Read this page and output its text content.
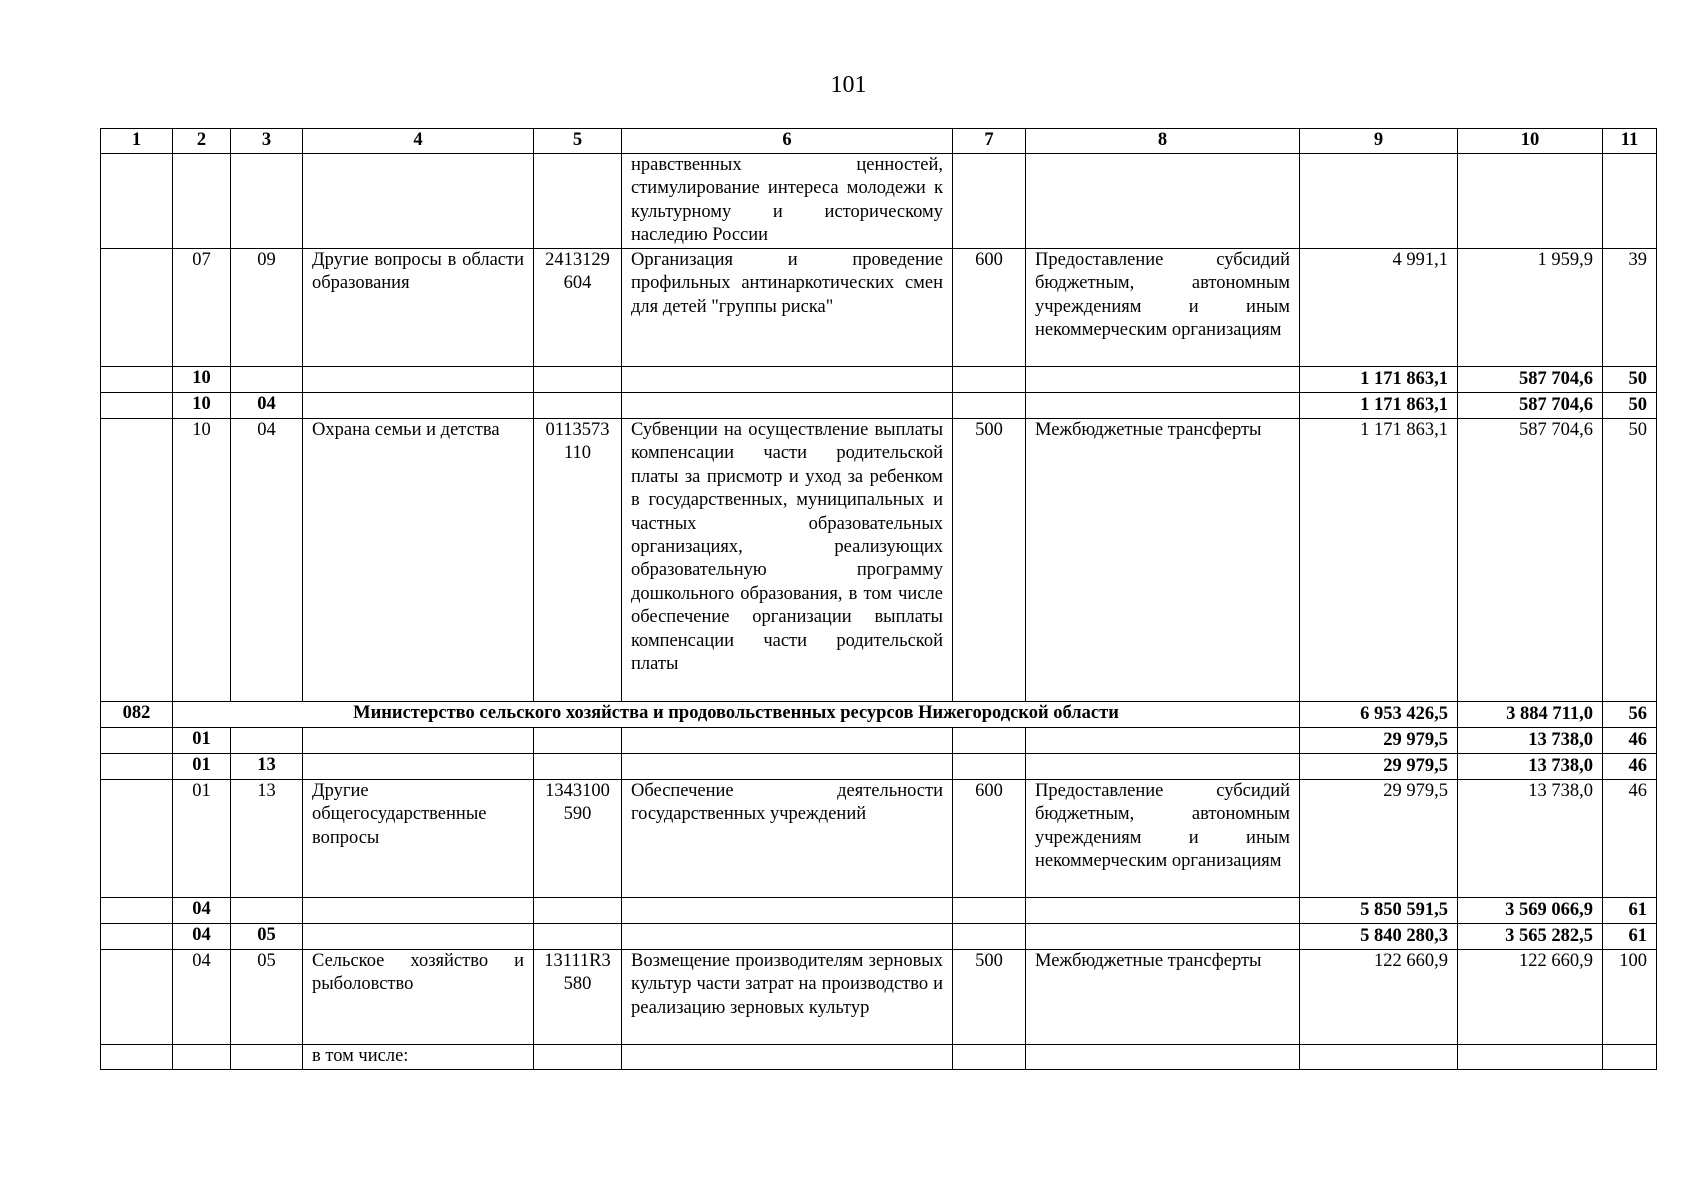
101
1	2	3	4	5	6	7	8	9	10	11
					нравственных ценностей, стимулирование интереса молодежи к культурному и историческому наследию России					
	07	09	Другие вопросы в области образования	2413129604	Организация и проведение профильных антинаркотических смен для детей "группы риска"	600	Предоставление субсидий бюджетным, автономным учреждениям и иным некоммерческим организациям	4 991,1	1 959,9	39
	10							1 171 863,1	587 704,6	50
	10	04						1 171 863,1	587 704,6	50
	10	04	Охрана семьи и детства	0113573110	Субвенции на осуществление выплаты компенсации части родительской платы за присмотр и уход за ребенком в государственных, муниципальных и частных образовательных организациях, реализующих образовательную программу дошкольного образования, в том числе обеспечение организации выплаты компенсации части родительской платы	500	Межбюджетные трансферты	1 171 863,1	587 704,6	50
082	Министерство сельского хозяйства и продовольственных ресурсов Нижегородской области							6 953 426,5	3 884 711,0	56
	01							29 979,5	13 738,0	46
	01	13						29 979,5	13 738,0	46
	01	13	Другие общегосударственные вопросы	1343100590	Обеспечение деятельности государственных учреждений	600	Предоставление субсидий бюджетным, автономным учреждениям и иным некоммерческим организациям	29 979,5	13 738,0	46
	04							5 850 591,5	3 569 066,9	61
	04	05						5 840 280,3	3 565 282,5	61
	04	05	Сельское хозяйство и рыболовство	13111R3580	Возмещение производителям зерновых культур части затрат на производство и реализацию зерновых культур	500	Межбюджетные трансферты	122 660,9	122 660,9	100
			в том числе:							
